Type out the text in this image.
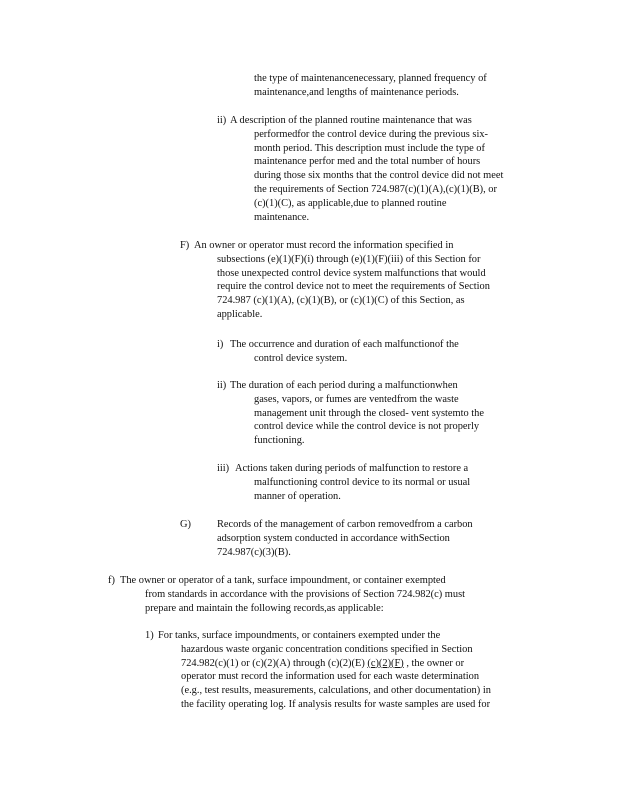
the type of maintenancenecessary, planned frequency of
maintenance,and lengths of maintenance periods.
ii) A description of the planned routine maintenance that was
performedfor the control device during the previous six-
month period. This description must include the type of
maintenance perfor med and the total number of hours
during those six months that the control device did not meet
the requirements of Section 724.987(c)(1)(A),(c)(1)(B), or
(c)(1)(C), as applicable,due to planned routine
maintenance.
F) An owner or operator must record the information specified in
subsections (e)(1)(F)(i) through (e)(1)(F)(iii) of this Section for
those unexpected control device system malfunctions that would
require the control device not to meet the requirements of Section
724.987 (c)(1)(A), (c)(1)(B), or (c)(1)(C) of this Section, as
applicable.
i) The occurrence and duration of each malfunctionof the
control device system.
ii) The duration of each period during a malfunctionwhen
gases, vapors, or fumes are ventedfrom the waste
management unit through the closed- vent systemto the
control device while the control device is not properly
functioning.
iii) Actions taken during periods of malfunction to restore a
malfunctioning control device to its normal or usual
manner of operation.
G)	Records of the management of carbon removedfrom a carbon
adsorption system conducted in accordance withSection
724.987(c)(3)(B).
f) The owner or operator of a tank, surface impoundment, or container exempted
from standards in accordance with the provisions of Section 724.982(c) must
prepare and maintain the following records,as applicable:
1) For tanks, surface impoundments, or containers exempted under the
hazardous waste organic concentration conditions specified in Section
724.982(c)(1) or (c)(2)(A) through (c)(2)(E) (c)(2)(F) , the owner or
operator must record the information used for each waste determination
(e.g., test results, measurements, calculations, and other documentation) in
the facility operating log. If analysis results for waste samples are used for
